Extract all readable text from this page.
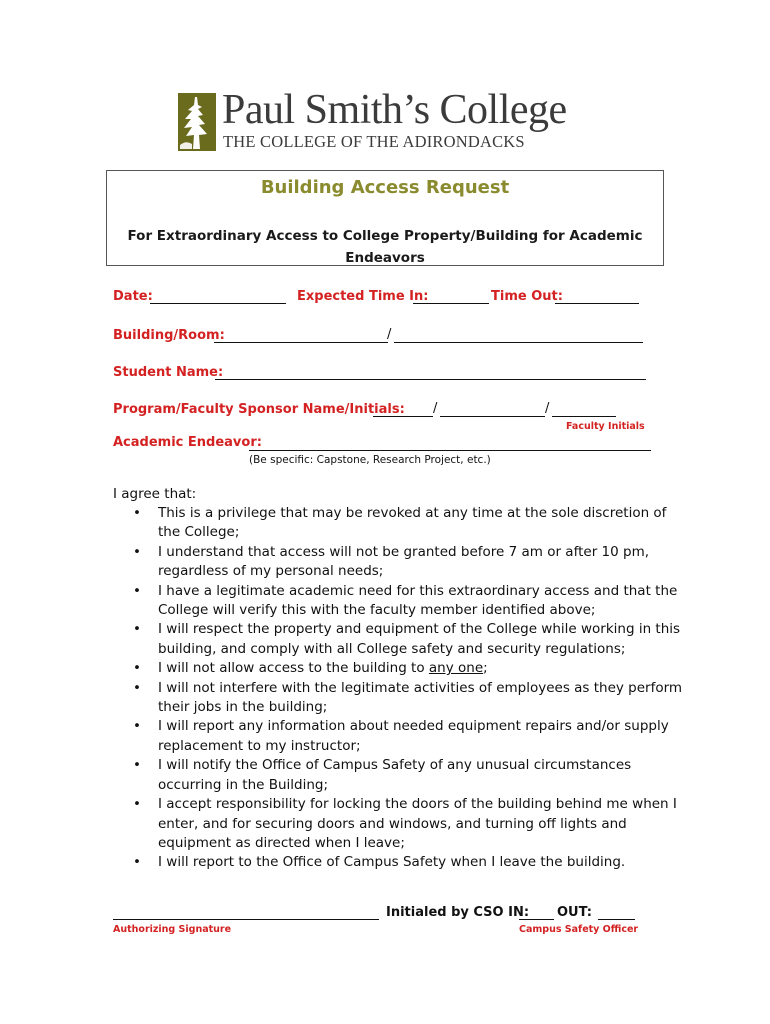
Paul Smith’s College
THE COLLEGE OF THE ADIRONDACKS
Building Access Request
For Extraordinary Access to College Property/Building for Academic Endeavors
Date:	Expected Time In:	Time Out:
Building/Room:	/
Student Name:
Program/Faculty Sponsor Name/Initials: /	/
Faculty Initials
Academic Endeavor:
(Be specific: Capstone, Research Project, etc.)
I agree that:
• This is a privilege that may be revoked at any time at the sole discretion of the College;
• I understand that access will not be granted before 7 am or after 10 pm, regardless of my personal needs;
• I have a legitimate academic need for this extraordinary access and that the College will verify this with the faculty member identified above;
• I will respect the property and equipment of the College while working in this building, and comply with all College safety and security regulations;
• I will not allow access to the building to any one;
• I will not interfere with the legitimate activities of employees as they perform their jobs in the building;
• I will report any information about needed equipment repairs and/or supply replacement to my instructor;
• I will notify the Office of Campus Safety of any unusual circumstances occurring in the Building;
• I accept responsibility for locking the doors of the building behind me when I enter, and for securing doors and windows, and turning off lights and equipment as directed when I leave;
• I will report to the Office of Campus Safety when I leave the building.
Initialed by CSO IN: OUT:
Authorizing Signature	Campus Safety Officer
